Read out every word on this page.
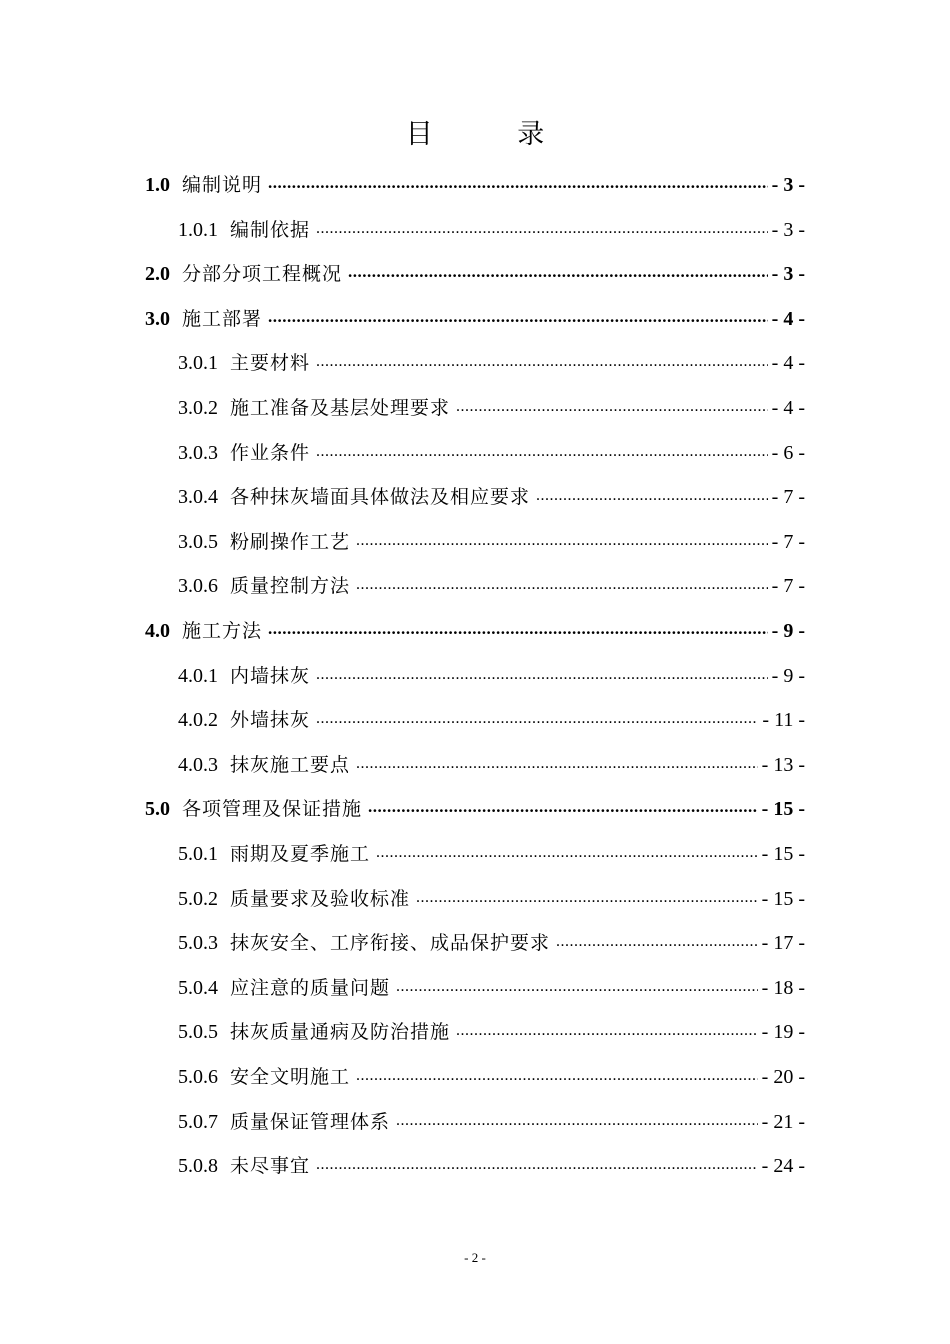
目 录
1.0 编制说明 .....	- 3 -
1.0.1 编制依据 .....	- 3 -
2.0 分部分项工程概况 .....	- 3 -
3.0 施工部署 .....	- 4 -
3.0.1 主要材料 .....	- 4 -
3.0.2 施工准备及基层处理要求 .....	- 4 -
3.0.3 作业条件 .....	- 6 -
3.0.4 各种抹灰墙面具体做法及相应要求 .....	- 7 -
3.0.5 粉刷操作工艺 .....	- 7 -
3.0.6 质量控制方法 .....	- 7 -
4.0 施工方法 .....	- 9 -
4.0.1 内墙抹灰 .....	- 9 -
4.0.2 外墙抹灰 .....	- 11 -
4.0.3 抹灰施工要点 .....	- 13 -
5.0 各项管理及保证措施 .....	- 15 -
5.0.1 雨期及夏季施工 .....	- 15 -
5.0.2 质量要求及验收标准 .....	- 15 -
5.0.3 抹灰安全、工序衔接、成品保护要求 .....	- 17 -
5.0.4 应注意的质量问题 .....	- 18 -
5.0.5 抹灰质量通病及防治措施 .....	- 19 -
5.0.6 安全文明施工 .....	- 20 -
5.0.7 质量保证管理体系 .....	- 21 -
5.0.8 未尽事宜 .....	- 24 -
- 2 -
